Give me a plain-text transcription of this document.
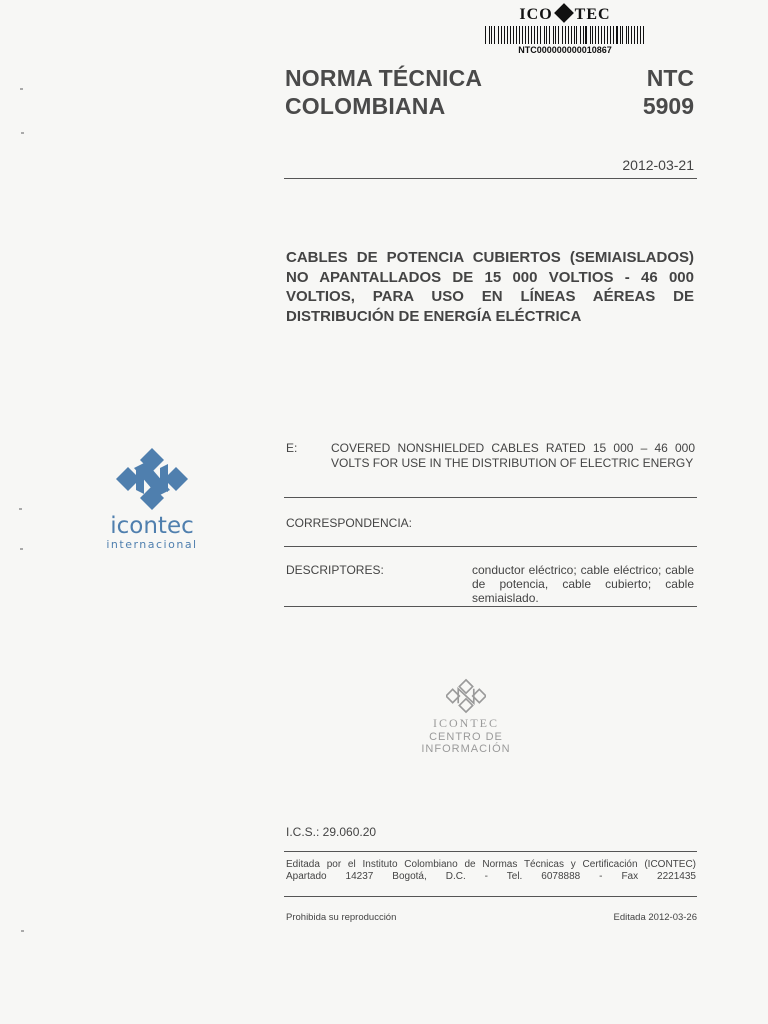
ICO TEC
NTC000000000010867
NORMA TÉCNICA
COLOMBIANA
NTC
5909
2012-03-21
CABLES DE POTENCIA CUBIERTOS (SEMIAISLADOS)
NO APANTALLADOS DE 15 000 VOLTIOS - 46 000
VOLTIOS, PARA USO EN LÍNEAS AÉREAS DE
DISTRIBUCIÓN DE ENERGÍA ELÉCTRICA
E:	COVERED NONSHIELDED CABLES RATED 15 000 – 46 000 VOLTS FOR USE IN THE DISTRIBUTION OF ELECTRIC ENERGY
CORRESPONDENCIA:
DESCRIPTORES:	conductor eléctrico; cable eléctrico; cable de potencia, cable cubierto; cable semiaislado.
icontec
internacional
ICONTEC
CENTRO DE
INFORMACIÓN
I.C.S.: 29.060.20
Editada por el Instituto Colombiano de Normas Técnicas y Certificación (ICONTEC)
Apartado 14237 Bogotá, D.C. - Tel. 6078888 - Fax 2221435
Prohibida su reproducción	Editada 2012-03-26
